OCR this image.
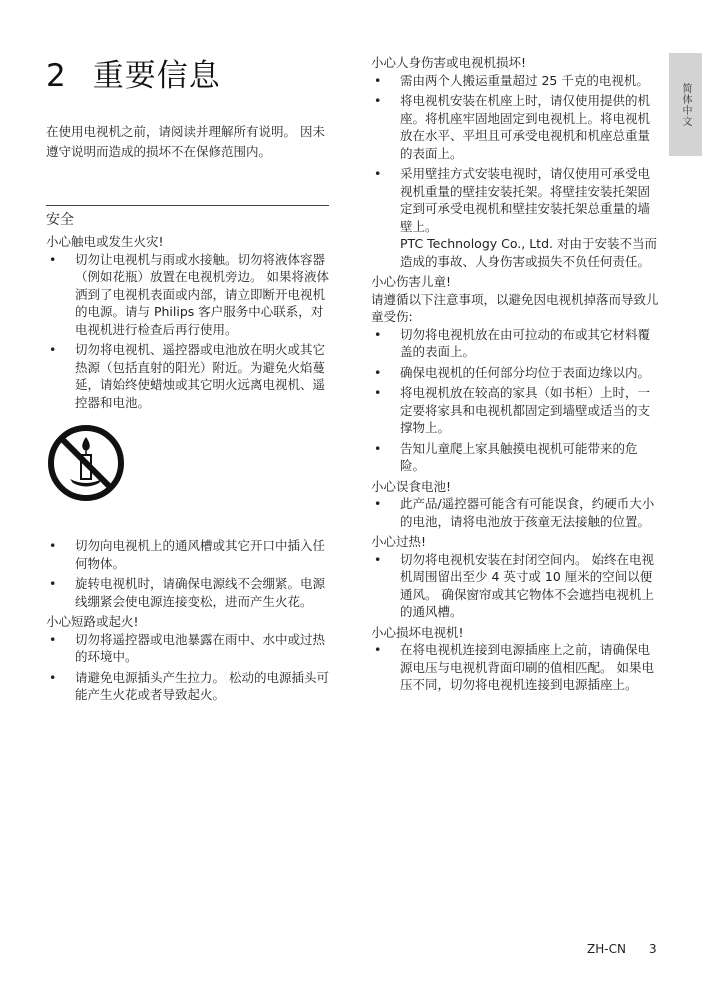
2 重要信息

在使用电视机之前，请阅读并理解所有说明。 因未遵守说明而造成的损坏不在保修范围内。

安全

小心触电或发生火灾!

• 切勿让电视机与雨或水接触。切勿将液体容器（例如花瓶）放置在电视机旁边。 如果将液体洒到了电视机表面或内部，请立即断开电视机的电源。请与 Philips 客户服务中心联系，对电视机进行检查后再行使用。
• 切勿将电视机、遥控器或电池放在明火或其它热源（包括直射的阳光）附近。为避免火焰蔓延，请始终使蜡烛或其它明火远离电视机、遥控器和电池。
• 切勿向电视机上的通风槽或其它开口中插入任何物体。
• 旋转电视机时，请确保电源线不会绷紧。电源线绷紧会使电源连接变松，进而产生火花。

小心短路或起火!

• 切勿将遥控器或电池暴露在雨中、水中或过热的环境中。
• 请避免电源插头产生拉力。 松动的电源插头可能产生火花或者导致起火。

小心人身伤害或电视机损坏!

• 需由两个人搬运重量超过 25 千克的电视机。
• 将电视机安装在机座上时，请仅使用提供的机座。将机座牢固地固定到电视机上。将电视机放在水平、平坦且可承受电视机和机座总重量的表面上。
• 采用壁挂方式安装电视时，请仅使用可承受电视机重量的壁挂安装托架。将壁挂安装托架固定到可承受电视机和壁挂安装托架总重量的墙壁上。
PTC Technology Co., Ltd. 对由于安装不当而造成的事故、人身伤害或损失不负任何责任。

小心伤害儿童!

请遵循以下注意事项，以避免因电视机掉落而导致儿童受伤:

• 切勿将电视机放在由可拉动的布或其它材料覆盖的表面上。
• 确保电视机的任何部分均位于表面边缘以内。
• 将电视机放在较高的家具（如书柜）上时，一定要将家具和电视机都固定到墙壁或适当的支撑物上。
• 告知儿童爬上家具触摸电视机可能带来的危险。

小心误食电池!

• 此产品/遥控器可能含有可能误食，约硬币大小的电池，请将电池放于孩童无法接触的位置。

小心过热!

• 切勿将电视机安装在封闭空间内。 始终在电视机周围留出至少 4 英寸或 10 厘米的空间以便通风。 确保窗帘或其它物体不会遮挡电视机上的通风槽。

小心损坏电视机!

• 在将电视机连接到电源插座上之前，请确保电源电压与电视机背面印刷的值相匹配。 如果电压不同，切勿将电视机连接到电源插座上。
简体中文
ZH-CN 3
